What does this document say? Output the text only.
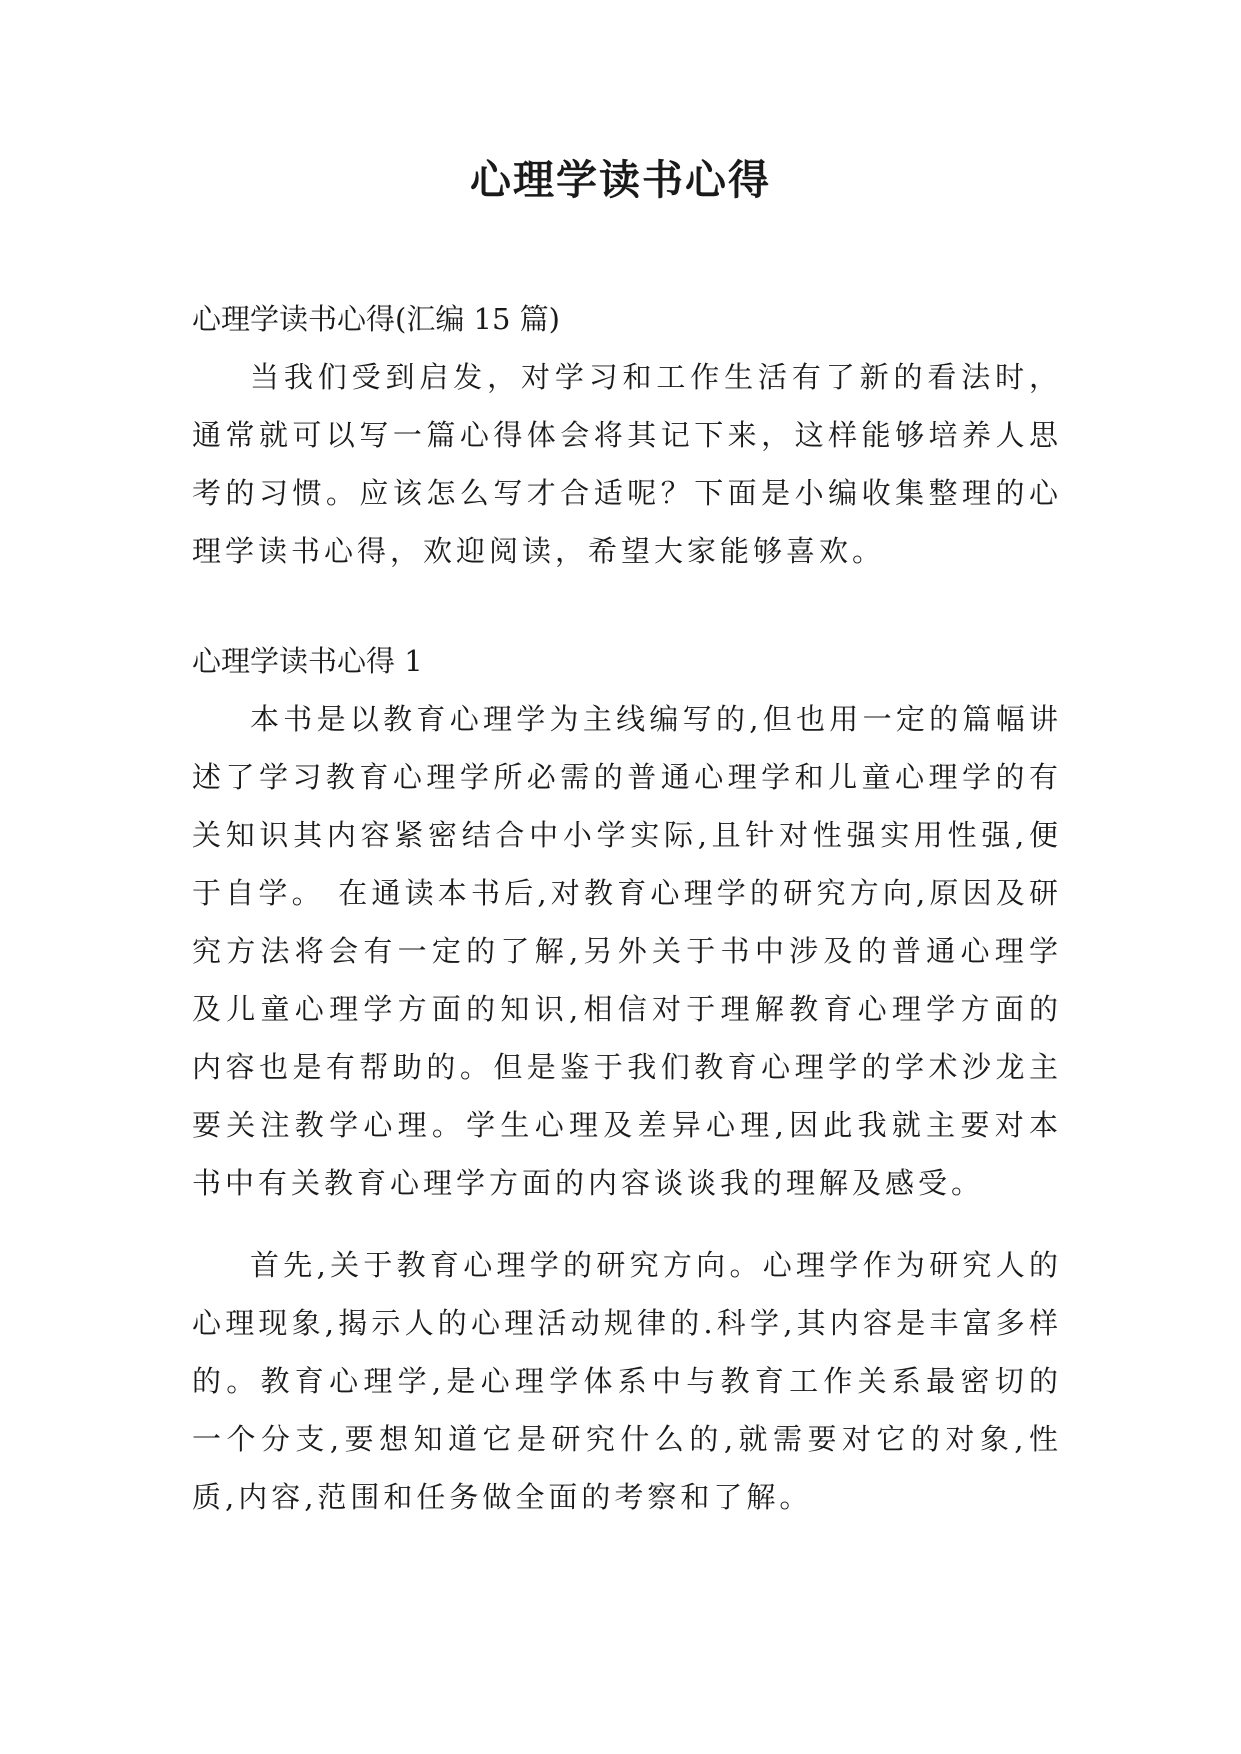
心理学读书心得

心理学读书心得(汇编 15 篇)

当我们受到启发，对学习和工作生活有了新的看法时，通常就可以写一篇心得体会将其记下来，这样能够培养人思考的习惯。应该怎么写才合适呢？下面是小编收集整理的心理学读书心得，欢迎阅读，希望大家能够喜欢。

心理学读书心得 1

本书是以教育心理学为主线编写的,但也用一定的篇幅讲述了学习教育心理学所必需的普通心理学和儿童心理学的有关知识其内容紧密结合中小学实际,且针对性强实用性强,便于自学。 在通读本书后,对教育心理学的研究方向,原因及研究方法将会有一定的了解,另外关于书中涉及的普通心理学及儿童心理学方面的知识,相信对于理解教育心理学方面的内容也是有帮助的。但是鉴于我们教育心理学的学术沙龙主要关注教学心理。学生心理及差异心理,因此我就主要对本书中有关教育心理学方面的内容谈谈我的理解及感受。

首先,关于教育心理学的研究方向。心理学作为研究人的心理现象,揭示人的心理活动规律的.科学,其内容是丰富多样的。教育心理学,是心理学体系中与教育工作关系最密切的一个分支,要想知道它是研究什么的,就需要对它的对象,性质,内容,范围和任务做全面的考察和了解。
